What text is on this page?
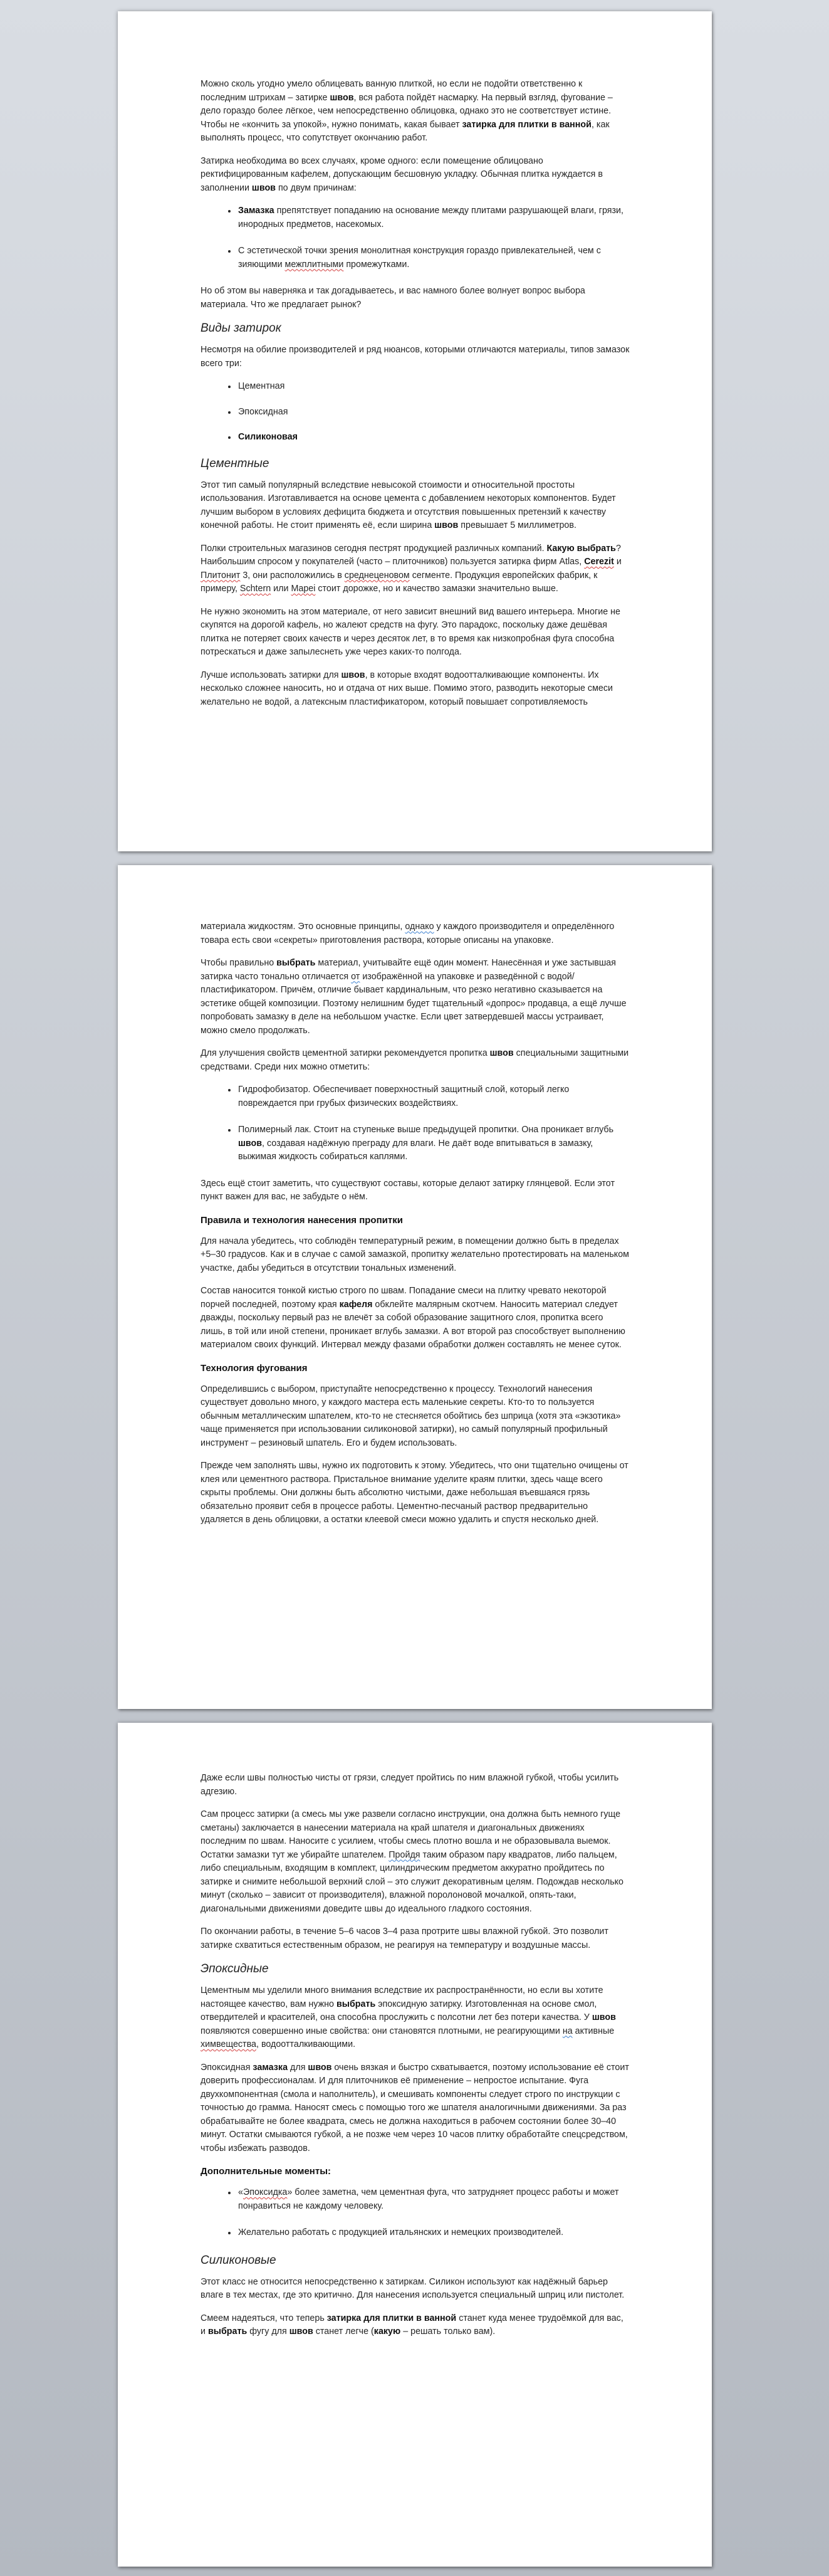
Можно сколь угодно умело облицевать ванную плиткой, но если не подойти ответственно к последним штрихам – затирке швов, вся работа пойдёт насмарку. На первый взгляд, фугование – дело гораздо более лёгкое, чем непосредственно облицовка, однако это не соответствует истине. Чтобы не «кончить за упокой», нужно понимать, какая бывает затирка для плитки в ванной, как выполнять процесс, что сопутствует окончанию работ.

Затирка необходима во всех случаях, кроме одного: если помещение облицовано ректифицированным кафелем, допускающим бесшовную укладку. Обычная плитка нуждается в заполнении швов по двум причинам:

• Замазка препятствует попаданию на основание между плитами разрушающей влаги, грязи, инородных предметов, насекомых.
• С эстетической точки зрения монолитная конструкция гораздо привлекательней, чем с зияющими межплитными промежутками.

Но об этом вы наверняка и так догадываетесь, и вас намного более волнует вопрос выбора материала. Что же предлагает рынок?

Виды затирок

Несмотря на обилие производителей и ряд нюансов, которыми отличаются материалы, типов замазок всего три:

• Цементная
• Эпоксидная
• Силиконовая
Цементные

Этот тип самый популярный вследствие невысокой стоимости и относительной простоты использования. Изготавливается на основе цемента с добавлением некоторых компонентов. Будет лучшим выбором в условиях дефицита бюджета и отсутствия повышенных претензий к качеству конечной работы. Не стоит применять её, если ширина швов превышает 5 миллиметров.

Полки строительных магазинов сегодня пестрят продукцией различных компаний. Какую выбрать? Наибольшим спросом у покупателей (часто – плиточников) пользуется затирка фирм Atlas, Cerezit и Плитонит 3, они расположились в среднеценовом сегменте. Продукция европейских фабрик, к примеру, Schtern или Mapei стоит дорожке, но и качество замазки значительно выше.

Не нужно экономить на этом материале, от него зависит внешний вид вашего интерьера. Многие не скупятся на дорогой кафель, но жалеют средств на фугу. Это парадокс, поскольку даже дешёвая плитка не потеряет своих качеств и через десяток лет, в то время как низкопробная фуга способна потрескаться и даже запылеснеть уже через каких-то полгода.

Лучше использовать затирки для швов, в которые входят водоотталкивающие компоненты. Их несколько сложнее наносить, но и отдача от них выше. Помимо этого, разводить некоторые смеси желательно не водой, а латексным пластификатором, который повышает сопротивляемость

материала жидкостям. Это основные принципы, однако у каждого производителя и определённого товара есть свои «секреты» приготовления раствора, которые описаны на упаковке.

Чтобы правильно выбрать материал, учитывайте ещё один момент. Нанесённая и уже застывшая затирка часто тонально отличается от изображённой на упаковке и разведённой с водой/пластификатором. Причём, отличие бывает кардинальным, что резко негативно сказывается на эстетике общей композиции. Поэтому нелишним будет тщательный «допрос» продавца, а ещё лучше попробовать замазку в деле на небольшом участке. Если цвет затвердевшей массы устраивает, можно смело продолжать.

Для улучшения свойств цементной затирки рекомендуется пропитка швов специальными защитными средствами. Среди них можно отметить:

• Гидрофобизатор. Обеспечивает поверхностный защитный слой, который легко повреждается при грубых физических воздействиях.
• Полимерный лак. Стоит на ступеньке выше предыдущей пропитки. Она проникает вглубь швов, создавая надёжную преграду для влаги. Не даёт воде впитываться в замазку, выжимая жидкость собираться каплями.

Здесь ещё стоит заметить, что существуют составы, которые делают затирку глянцевой. Если этот пункт важен для вас, не забудьте о нём.

Правила и технология нанесения пропитки

Для начала убедитесь, что соблюдён температурный режим, в помещении должно быть в пределах +5–30 градусов. Как и в случае с самой замазкой, пропитку желательно протестировать на маленьком участке, дабы убедиться в отсутствии тональных изменений.

Состав наносится тонкой кистью строго по швам. Попадание смеси на плитку чревато некоторой порчей последней, поэтому края кафеля обклейте малярным скотчем. Наносить материал следует дважды, поскольку первый раз не влечёт за собой образование защитного слоя, пропитка всего лишь, в той или иной степени, проникает вглубь замазки. А вот второй раз способствует выполнению материалом своих функций. Интервал между фазами обработки должен составлять не менее суток.

Технология фугования

Определившись с выбором, приступайте непосредственно к процессу. Технологий нанесения существует довольно много, у каждого мастера есть маленькие секреты. Кто-то то пользуется обычным металлическим шпателем, кто-то не стесняется обойтись без шприца (хотя эта «экзотика» чаще применяется при использовании силиконовой затирки), но самый популярный профильный инструмент – резиновый шпатель. Его и будем использовать.

Прежде чем заполнять швы, нужно их подготовить к этому. Убедитесь, что они тщательно очищены от клея или цементного раствора. Пристальное внимание уделите краям плитки, здесь чаще всего скрыты проблемы. Они должны быть абсолютно чистыми, даже небольшая въевшаяся грязь обязательно проявит себя в процессе работы. Цементно-песчаный раствор предварительно удаляется в день облицовки, а остатки клеевой смеси можно удалить и спустя несколько дней.

Даже если швы полностью чисты от грязи, следует пройтись по ним влажной губкой, чтобы усилить адгезию.

Сам процесс затирки (а смесь мы уже развели согласно инструкции, она должна быть немного гуще сметаны) заключается в нанесении материала на край шпателя и диагональных движениях последним по швам. Наносите с усилием, чтобы смесь плотно вошла и не образовывала выемок. Остатки замазки тут же убирайте шпателем. Пройдя таким образом пару квадратов, либо пальцем, либо специальным, входящим в комплект, цилиндрическим предметом аккуратно пройдитесь по затирке и снимите небольшой верхний слой – это служит декоративным целям. Подождав несколько минут (сколько – зависит от производителя), влажной поролоновой мочалкой, опять-таки, диагональными движениями доведите швы до идеального гладкого состояния.

По окончании работы, в течение 5–6 часов 3–4 раза протрите швы влажной губкой. Это позволит затирке схватиться естественным образом, не реагируя на температуру и воздушные массы.

Эпоксидные

Цементным мы уделили много внимания вследствие их распространённости, но если вы хотите настоящее качество, вам нужно выбрать эпоксидную затирку. Изготовленная на основе смол, отвердителей и красителей, она способна прослужить с полсотни лет без потери качества. У швов появляются совершенно иные свойства: они становятся плотными, не реагирующими на активные химвещества, водоотталкивающими.

Эпоксидная замазка для швов очень вязкая и быстро схватывается, поэтому использование её стоит доверить профессионалам. И для плиточников её применение – непростое испытание. Фуга двухкомпонентная (смола и наполнитель), и смешивать компоненты следует строго по инструкции с точностью до грамма. Наносят смесь с помощью того же шпателя аналогичными движениями. За раз обрабатывайте не более квадрата, смесь не должна находиться в рабочем состоянии более 30–40 минут. Остатки смываются губкой, а не позже чем через 10 часов плитку обработайте спецсредством, чтобы избежать разводов.

Дополнительные моменты:
• «Эпоксидка» более заметна, чем цементная фуга, что затрудняет процесс работы и может понравиться не каждому человеку.
• Желательно работать с продукцией итальянских и немецких производителей.
Силиконовые

Этот класс не относится непосредственно к затиркам. Силикон используют как надёжный барьер влаге в тех местах, где это критично. Для нанесения используется специальный шприц или пистолет.

Смеем надеяться, что теперь затирка для плитки в ванной станет куда менее трудоёмкой для вас, и выбрать фугу для швов станет легче (какую – решать только вам).
